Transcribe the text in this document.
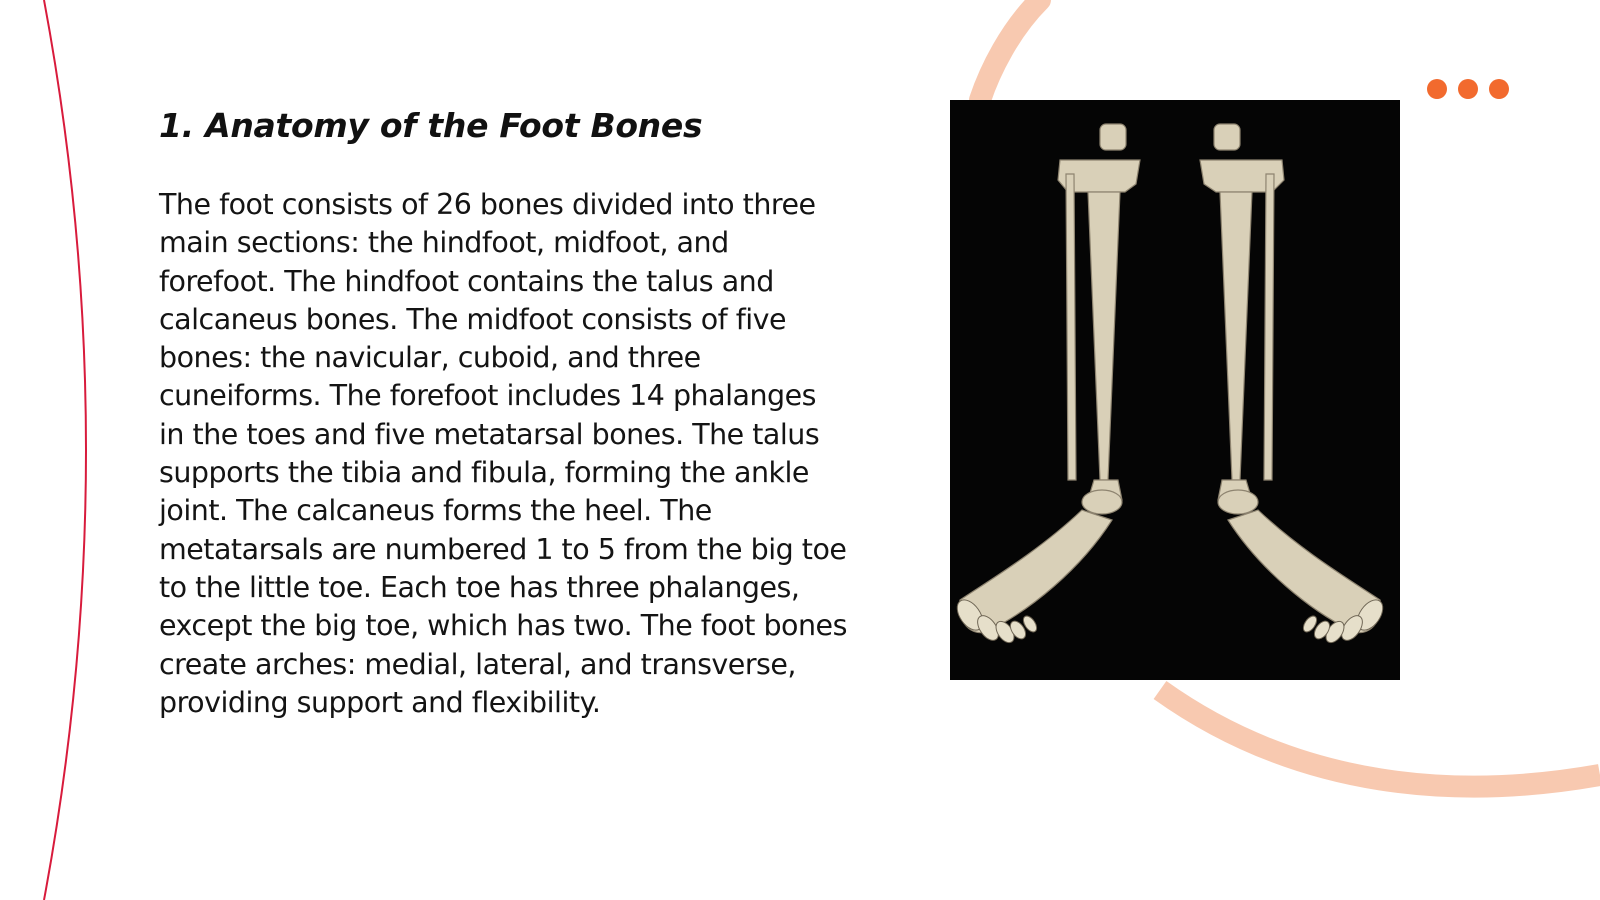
1. Anatomy of the Foot Bones

The foot consists of 26 bones divided into three main sections: the hindfoot, midfoot, and forefoot. The hindfoot contains the talus and calcaneus bones. The midfoot consists of five bones: the navicular, cuboid, and three cuneiforms. The forefoot includes 14 phalanges in the toes and five metatarsal bones. The talus supports the tibia and fibula, forming the ankle joint. The calcaneus forms the heel. The metatarsals are numbered 1 to 5 from the big toe to the little toe. Each toe has three phalanges, except the big toe, which has two. The foot bones create arches: medial, lateral, and transverse, providing support and flexibility.
